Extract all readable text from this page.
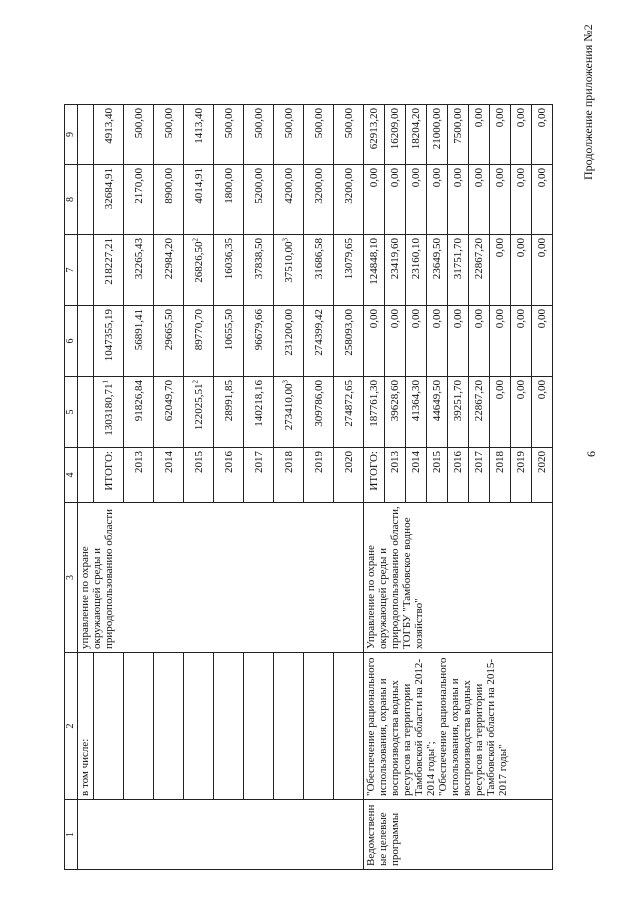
Продолжение приложения №2
6
1	2	3	4	5	6	7	8	9
	в том числе:	управление по охране окружающей среды и природопользованию области						
			ИТОГО:	1303180,71$^1$	1047355,19	218227,21	32684,91	4913,40
			2013	91826,84	56891,41	32265,43	2170,00	500,00
			2014	62049,70	29665,50	22984,20	8900,00	500,00
			2015	122025,51$^2$	89770,70	26826,50$^2$	4014,91	1413,40
			2016	28991,85	10655,50	16036,35	1800,00	500,00
			2017	140218,16	96679,66	37838,50	5200,00	500,00
			2018	273410,00$^3$	231200,00	37510,00$^3$	4200,00	500,00
			2019	309786,00	274399,42	31686,58	3200,00	500,00
			2020	274872,65	258093,00	13079,65	3200,00	500,00
Ведомственные целевые программы	"Обеспечение рационального использования, охраны и воспроизводства водных ресурсов на территории Тамбовской области на 2012-2014 годы"; "Обеспечение рационального использования, охраны и воспроизводства водных ресурсов на территории Тамбовской области на 2015-2017 годы"	Управление по охране окружающей среды и природопользованию области, ТОГБУ "Тамбовское водное хозяйство"	ИТОГО:	187761,30	0,00	124848,10	0,00	62913,20
			2013	39628,60	0,00	23419,60	0,00	16209,00
			2014	41364,30	0,00	23160,10	0,00	18204,20
			2015	44649,50	0,00	23649,50	0,00	21000,00
			2016	39251,70	0,00	31751,70	0,00	7500,00
			2017	22867,20	0,00	22867,20	0,00	0,00
			2018	0,00	0,00	0,00	0,00	0,00
			2019	0,00	0,00	0,00	0,00	0,00
			2020	0,00	0,00	0,00	0,00	0,00
